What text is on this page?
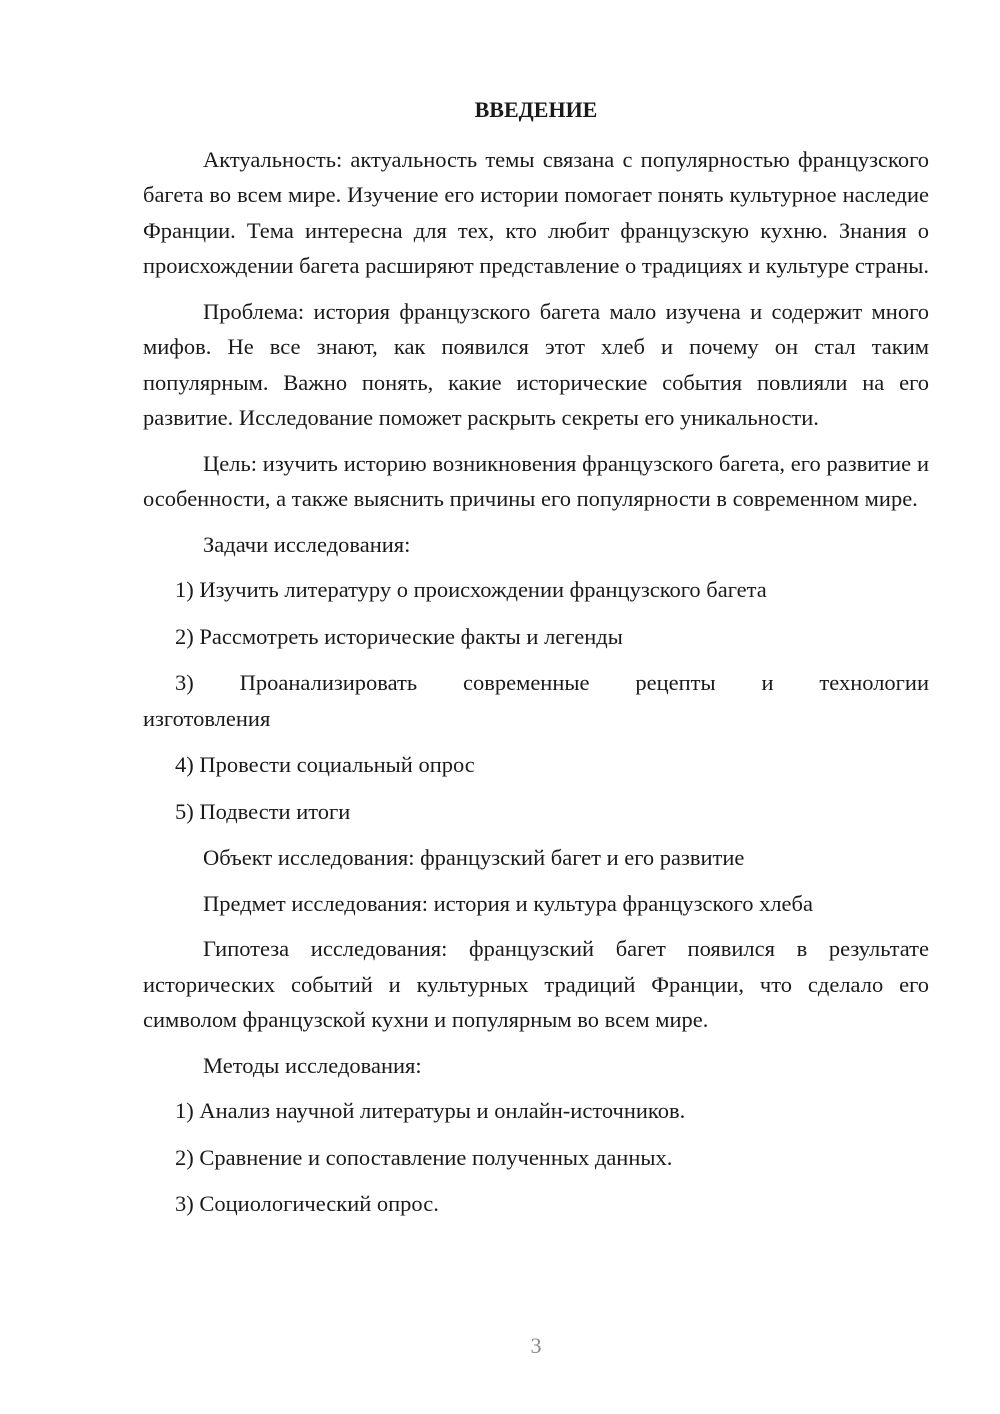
ВВЕДЕНИЕ
Актуальность: актуальность темы связана с популярностью французского багета во всем мире. Изучение его истории помогает понять культурное наследие Франции. Тема интересна для тех, кто любит французскую кухню. Знания о происхождении багета расширяют представление о традициях и культуре страны.
Проблема: история французского багета мало изучена и содержит много мифов. Не все знают, как появился этот хлеб и почему он стал таким популярным. Важно понять, какие исторические события повлияли на его развитие. Исследование поможет раскрыть секреты его уникальности.
Цель: изучить историю возникновения французского багета, его развитие и особенности, а также выяснить причины его популярности в современном мире.
Задачи исследования:
1) Изучить литературу о происхождении французского багета
2) Рассмотреть исторические факты и легенды
3) Проанализировать современные рецепты и технологии
изготовления
4) Провести социальный опрос
5) Подвести итоги
Объект исследования: французский багет и его развитие
Предмет исследования: история и культура французского хлеба
Гипотеза исследования: французский багет появился в результате исторических событий и культурных традиций Франции, что сделало его символом французской кухни и популярным во всем мире.
Методы исследования:
1) Анализ научной литературы и онлайн-источников.
2) Сравнение и сопоставление полученных данных.
3) Социологический опрос.
3
